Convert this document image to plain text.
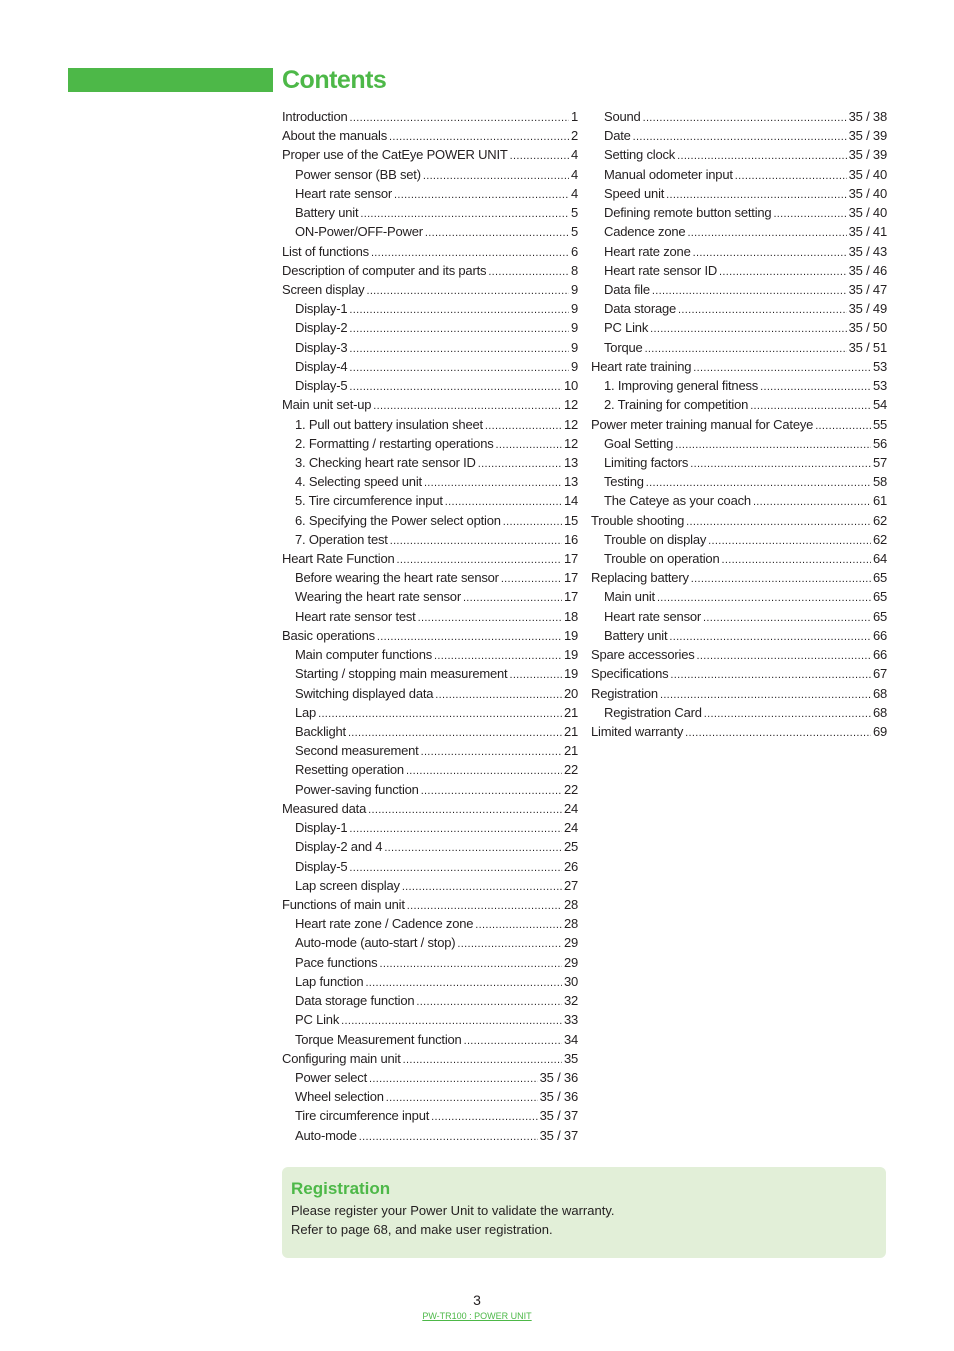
Contents
Introduction .....	1
About the manuals .....	2
Proper use of the CatEye POWER UNIT .....	4
Power sensor (BB set) .....	4
Heart rate sensor .....	4
Battery unit .....	5
ON-Power/OFF-Power .....	5
List of functions .....	6
Description of computer and its parts .....	8
Screen display .....	9
Display-1 .....	9
Display-2 .....	9
Display-3 .....	9
Display-4 .....	9
Display-5 .....	10
Main unit set-up .....	12
1. Pull out battery insulation sheet .....	12
2. Formatting / restarting operations .....	12
3. Checking heart rate sensor ID .....	13
4. Selecting speed unit .....	13
5. Tire circumference input .....	14
6. Specifying the Power select option .....	15
7. Operation test .....	16
Heart Rate Function .....	17
Before wearing the heart rate sensor .....	17
Wearing the heart rate sensor .....	17
Heart rate sensor test .....	18
Basic operations .....	19
Main computer functions .....	19
Starting / stopping main measurement .....	19
Switching displayed data .....	20
Lap .....	21
Backlight .....	21
Second measurement .....	21
Resetting operation .....	22
Power-saving function .....	22
Measured data .....	24
Display-1 .....	24
Display-2 and 4 .....	25
Display-5 .....	26
Lap screen display .....	27
Functions of main unit .....	28
Heart rate zone / Cadence zone .....	28
Auto-mode (auto-start / stop) .....	29
Pace functions .....	29
Lap function .....	30
Data storage function .....	32
PC Link .....	33
Torque Measurement function .....	34
Configuring main unit .....	35
Power select .....	35 / 36
Wheel selection .....	35 / 36
Tire circumference input .....	35 / 37
Auto-mode .....	35 / 37
Sound .....	35 / 38
Date .....	35 / 39
Setting clock .....	35 / 39
Manual odometer input .....	35 / 40
Speed unit .....	35 / 40
Defining remote button setting .....	35 / 40
Cadence zone .....	35 / 41
Heart rate zone .....	35 / 43
Heart rate sensor ID .....	35 / 46
Data file .....	35 / 47
Data storage .....	35 / 49
PC Link .....	35 / 50
Torque .....	35 / 51
Heart rate training .....	53
1. Improving general fitness .....	53
2. Training for competition .....	54
Power meter training manual for Cateye .....	55
Goal Setting .....	56
Limiting factors .....	57
Testing .....	58
The Cateye as your coach .....	61
Trouble shooting .....	62
Trouble on display .....	62
Trouble on operation .....	64
Replacing battery .....	65
Main unit .....	65
Heart rate sensor .....	65
Battery unit .....	66
Spare accessories .....	66
Specifications .....	67
Registration .....	68
Registration Card .....	68
Limited warranty .....	69
Registration
Please register your Power Unit to validate the warranty.
Refer to page 68, and make user registration.
3
PW-TR100 : POWER UNIT
